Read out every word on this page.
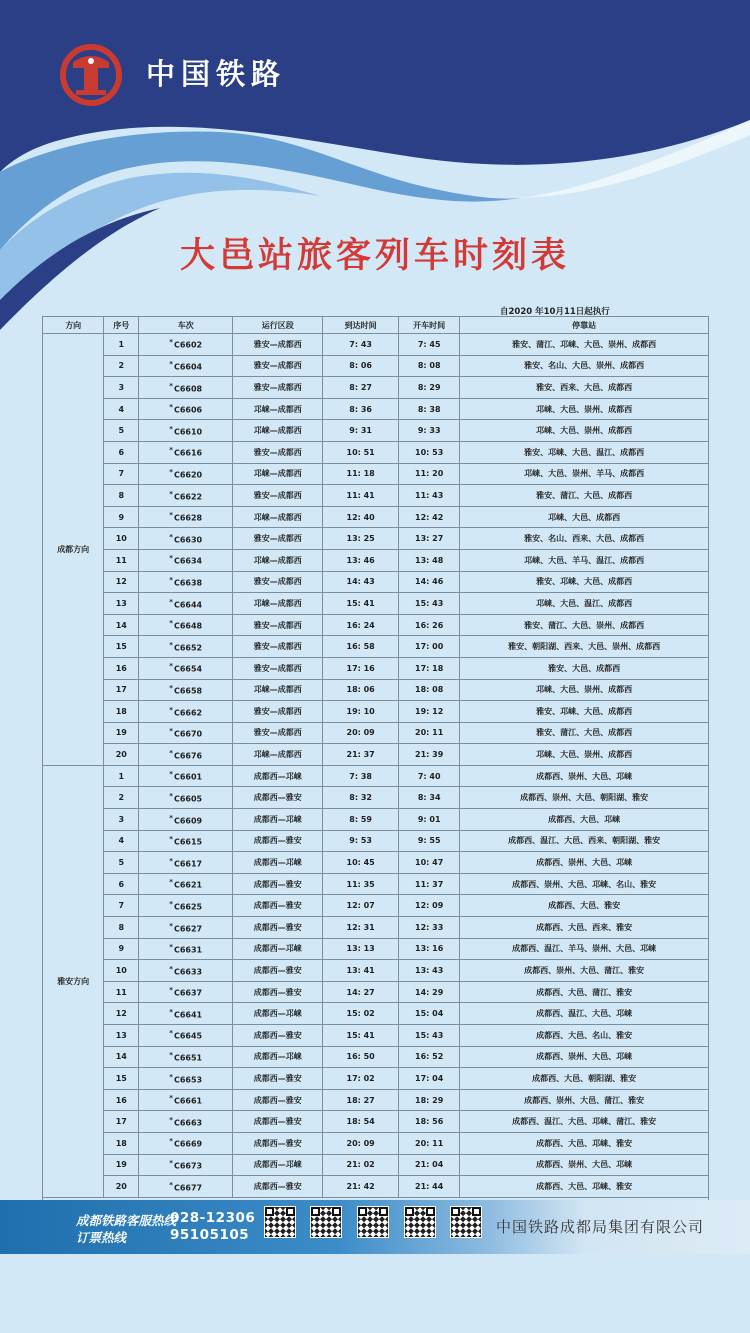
中国铁路
大邑站旅客列车时刻表
自2020 年10月11日起执行
方向	序号	车次	运行区段	到达时间	开车时间	停靠站
成都方向	1	*C6602	雅安—成都西	7: 43	7: 45	雅安、蒲江、邛崃、大邑、崇州、成都西
	2	*C6604	雅安—成都西	8: 06	8: 08	雅安、名山、大邑、崇州、成都西
	3	*C6608	雅安—成都西	8: 27	8: 29	雅安、西来、大邑、成都西
	4	*C6606	邛崃—成都西	8: 36	8: 38	邛崃、大邑、崇州、成都西
	5	*C6610	邛崃—成都西	9: 31	9: 33	邛崃、大邑、崇州、成都西
	6	*C6616	雅安—成都西	10: 51	10: 53	雅安、邛崃、大邑、温江、成都西
	7	*C6620	邛崃—成都西	11: 18	11: 20	邛崃、大邑、崇州、羊马、成都西
	8	*C6622	雅安—成都西	11: 41	11: 43	雅安、蒲江、大邑、成都西
	9	*C6628	邛崃—成都西	12: 40	12: 42	邛崃、大邑、成都西
	10	*C6630	雅安—成都西	13: 25	13: 27	雅安、名山、西来、大邑、成都西
	11	*C6634	邛崃—成都西	13: 46	13: 48	邛崃、大邑、羊马、温江、成都西
	12	*C6638	雅安—成都西	14: 43	14: 46	雅安、邛崃、大邑、成都西
	13	*C6644	邛崃—成都西	15: 41	15: 43	邛崃、大邑、温江、成都西
	14	*C6648	雅安—成都西	16: 24	16: 26	雅安、蒲江、大邑、崇州、成都西
	15	*C6652	雅安—成都西	16: 58	17: 00	雅安、朝阳湖、西来、大邑、崇州、成都西
	16	*C6654	雅安—成都西	17: 16	17: 18	雅安、大邑、成都西
	17	*C6658	邛崃—成都西	18: 06	18: 08	邛崃、大邑、崇州、成都西
	18	*C6662	雅安—成都西	19: 10	19: 12	雅安、邛崃、大邑、成都西
	19	*C6670	雅安—成都西	20: 09	20: 11	雅安、蒲江、大邑、成都西
	20	*C6676	邛崃—成都西	21: 37	21: 39	邛崃、大邑、崇州、成都西
雅安方向	1	*C6601	成都西—邛崃	7: 38	7: 40	成都西、崇州、大邑、邛崃
	2	*C6605	成都西—雅安	8: 32	8: 34	成都西、崇州、大邑、朝阳湖、雅安
	3	*C6609	成都西—邛崃	8: 59	9: 01	成都西、大邑、邛崃
	4	*C6615	成都西—雅安	9: 53	9: 55	成都西、温江、大邑、西来、朝阳湖、雅安
	5	*C6617	成都西—邛崃	10: 45	10: 47	成都西、崇州、大邑、邛崃
	6	*C6621	成都西—雅安	11: 35	11: 37	成都西、崇州、大邑、邛崃、名山、雅安
	7	*C6625	成都西—雅安	12: 07	12: 09	成都西、大邑、雅安
	8	*C6627	成都西—雅安	12: 31	12: 33	成都西、大邑、西来、雅安
	9	*C6631	成都西—邛崃	13: 13	13: 16	成都西、温江、羊马、崇州、大邑、邛崃
	10	*C6633	成都西—雅安	13: 41	13: 43	成都西、崇州、大邑、蒲江、雅安
	11	*C6637	成都西—雅安	14: 27	14: 29	成都西、大邑、蒲江、雅安
	12	*C6641	成都西—邛崃	15: 02	15: 04	成都西、温江、大邑、邛崃
	13	*C6645	成都西—雅安	15: 41	15: 43	成都西、大邑、名山、雅安
	14	*C6651	成都西—邛崃	16: 50	16: 52	成都西、崇州、大邑、邛崃
	15	*C6653	成都西—雅安	17: 02	17: 04	成都西、大邑、朝阳湖、雅安
	16	*C6661	成都西—雅安	18: 27	18: 29	成都西、崇州、大邑、蒲江、雅安
	17	*C6663	成都西—雅安	18: 54	18: 56	成都西、温江、大邑、邛崃、蒲江、雅安
	18	*C6669	成都西—雅安	20: 09	20: 11	成都西、大邑、邛崃、雅安
	19	*C6673	成都西—邛崃	21: 02	21: 04	成都西、崇州、大邑、邛崃
	20	*C6677	成都西—雅安	21: 42	21: 44	成都西、大邑、邛崃、雅安

成都铁路客服热线
订票热线
028-12306
95105105	中国铁路成都局集团有限公司
